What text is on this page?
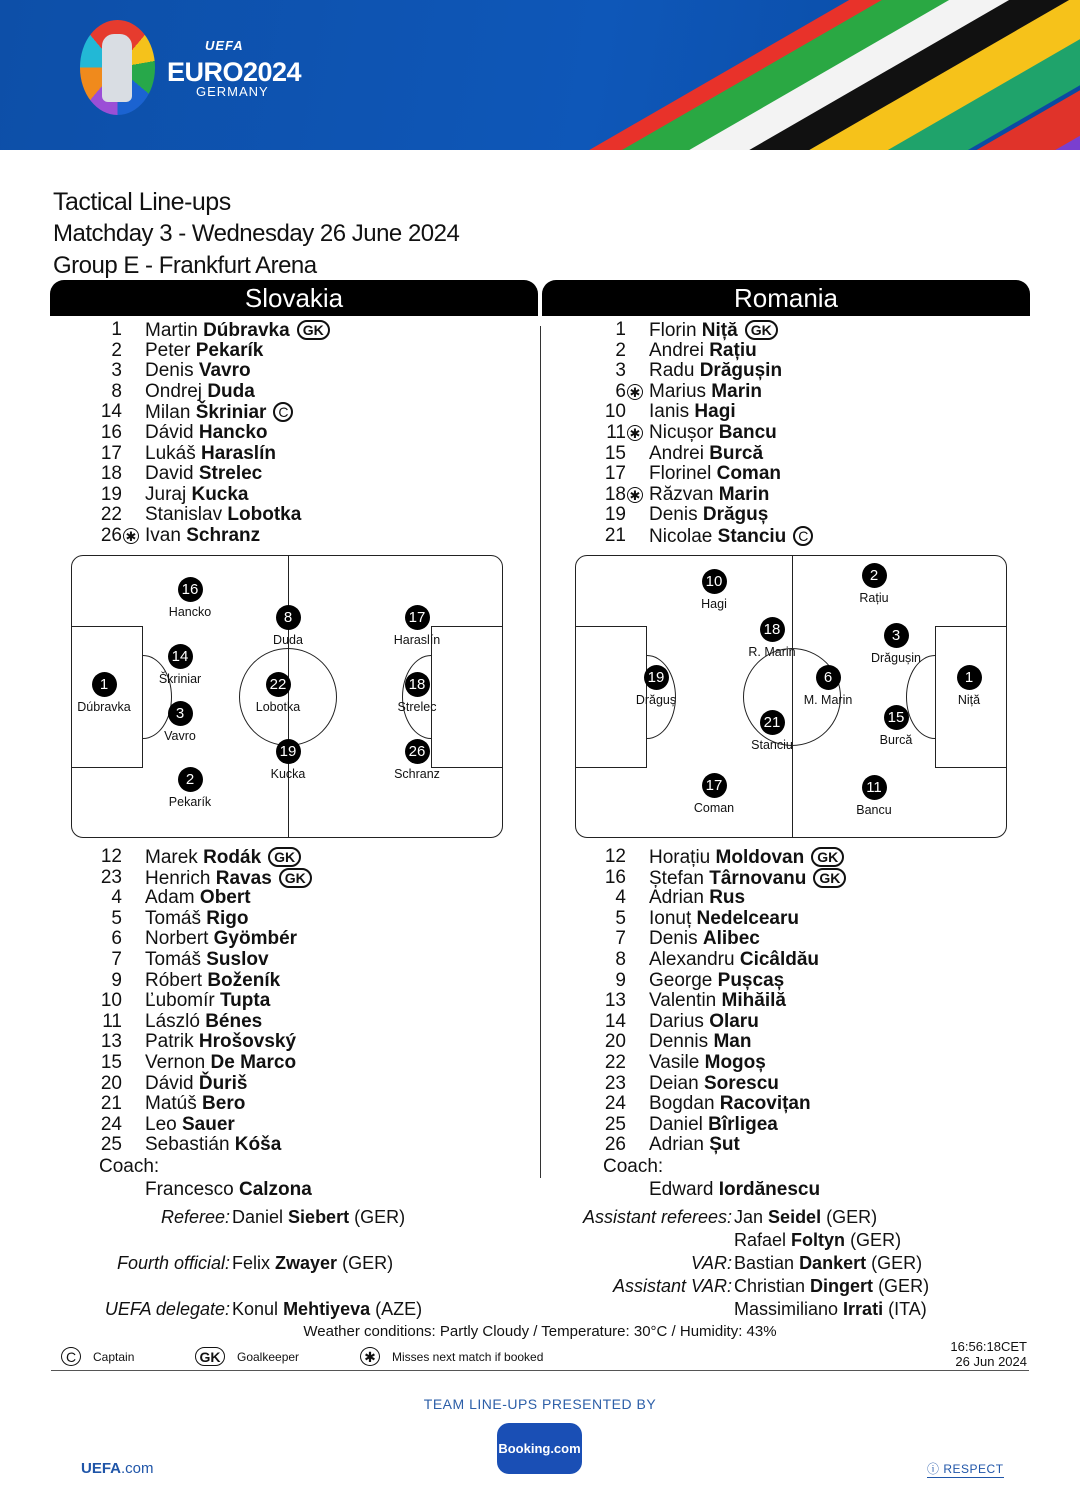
UEFA
EURO2024
GERMANY
Tactical Line-ups
Matchday 3 - Wednesday 26 June 2024
Group E - Frankfurt Arena
Slovakia	Romania
1 Martin Dúbravka GK
2 Peter Pekarík
3 Denis Vavro
8 Ondrej Duda
14 Milan Škriniar C
16 Dávid Hancko
17 Lukáš Haraslín
18 David Strelec
19 Juraj Kucka
22 Stanislav Lobotka
26 ✱ Ivan Schranz
1 Florin Niță GK
2 Andrei Rațiu
3 Radu Drăgușin
6 ✱ Marius Marin
10 Ianis Hagi
11 ✱ Nicușor Bancu
15 Andrei Burcă
17 Florinel Coman
18 ✱ Răzvan Marin
19 Denis Drăguș
21 Nicolae Stanciu C
1
Dúbravka
16
Hancko
14
Škriniar
3
Vavro
2
Pekarík
8
Duda
22
Lobotka
19
Kucka
17
Haraslín
18
Strelec
26
Schranz
10
Hagi
19
Drăguș
17
Coman
18
R. Marin
21
Stanciu
6
M. Marin
2
Rațiu
3
Drăgușin
15
Burcă
11
Bancu
1
Niță
12 Marek Rodák GK
23 Henrich Ravas GK
4 Adam Obert
5 Tomáš Rigo
6 Norbert Gyömbér
7 Tomáš Suslov
9 Róbert Boženík
10 Ľubomír Tupta
11 László Bénes
13 Patrik Hrošovský
15 Vernon De Marco
20 Dávid Ďuriš
21 Matúš Bero
24 Leo Sauer
25 Sebastián Kóša
12 Horațiu Moldovan GK
16 Ștefan Târnovanu GK
4 Adrian Rus
5 Ionuț Nedelcearu
7 Denis Alibec
8 Alexandru Cicâldău
9 George Pușcaș
13 Valentin Mihăilă
14 Darius Olaru
20 Dennis Man
22 Vasile Mogoș
23 Deian Sorescu
24 Bogdan Racovițan
25 Daniel Bîrligea
26 Adrian Șut
Coach:
Francesco Calzona
Coach:
Edward Iordănescu
Referee: Daniel Siebert (GER)
Fourth official: Felix Zwayer (GER)
UEFA delegate: Konul Mehtiyeva (AZE)
Assistant referees: Jan Seidel (GER)
Rafael Foltyn (GER)
VAR: Bastian Dankert (GER)
Assistant VAR: Christian Dingert (GER)
Massimiliano Irrati (ITA)
Weather conditions: Partly Cloudy / Temperature: 30°C / Humidity: 43%
C	Captain	GK	Goalkeeper	✱	Misses next match if booked
16:56:18CET
26 Jun 2024
TEAM LINE-UPS PRESENTED BY
Booking.com
UEFA.com	ⓘ RESPECT
